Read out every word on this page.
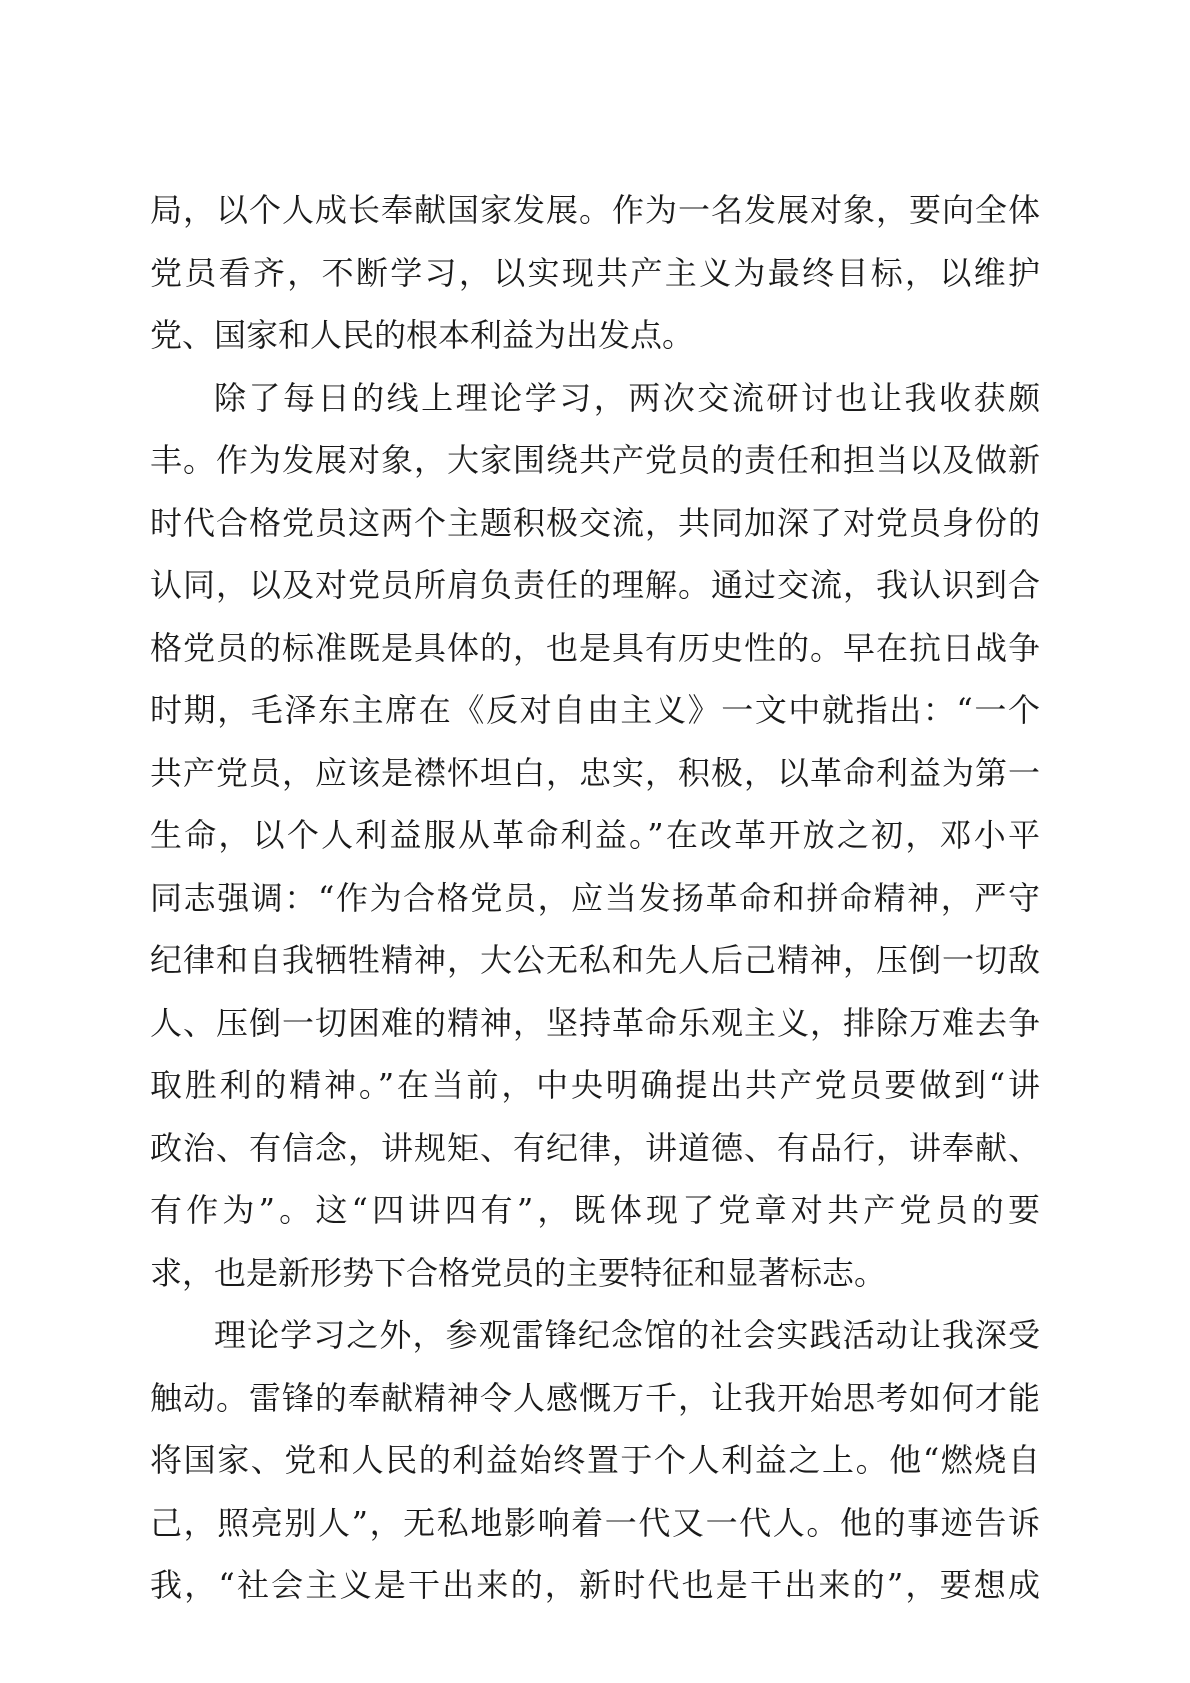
局，以个人成长奉献国家发展。作为一名发展对象，要向全体
党员看齐，不断学习，以实现共产主义为最终目标，以维护
党、国家和人民的根本利益为出发点。
除了每日的线上理论学习，两次交流研讨也让我收获颇
丰。作为发展对象，大家围绕共产党员的责任和担当以及做新
时代合格党员这两个主题积极交流，共同加深了对党员身份的
认同，以及对党员所肩负责任的理解。通过交流，我认识到合
格党员的标准既是具体的，也是具有历史性的。早在抗日战争
时期，毛泽东主席在《反对自由主义》一文中就指出：“一个
共产党员，应该是襟怀坦白，忠实，积极，以革命利益为第一
生命，以个人利益服从革命利益。”在改革开放之初，邓小平
同志强调：“作为合格党员，应当发扬革命和拼命精神，严守
纪律和自我牺牲精神，大公无私和先人后己精神，压倒一切敌
人、压倒一切困难的精神，坚持革命乐观主义，排除万难去争
取胜利的精神。”在当前，中央明确提出共产党员要做到“讲
政治、有信念，讲规矩、有纪律，讲道德、有品行，讲奉献、
有作为”。这“四讲四有”，既体现了党章对共产党员的要
求，也是新形势下合格党员的主要特征和显著标志。
理论学习之外，参观雷锋纪念馆的社会实践活动让我深受
触动。雷锋的奉献精神令人感慨万千，让我开始思考如何才能
将国家、党和人民的利益始终置于个人利益之上。他“燃烧自
己，照亮别人”，无私地影响着一代又一代人。他的事迹告诉
我，“社会主义是干出来的，新时代也是干出来的”，要想成
